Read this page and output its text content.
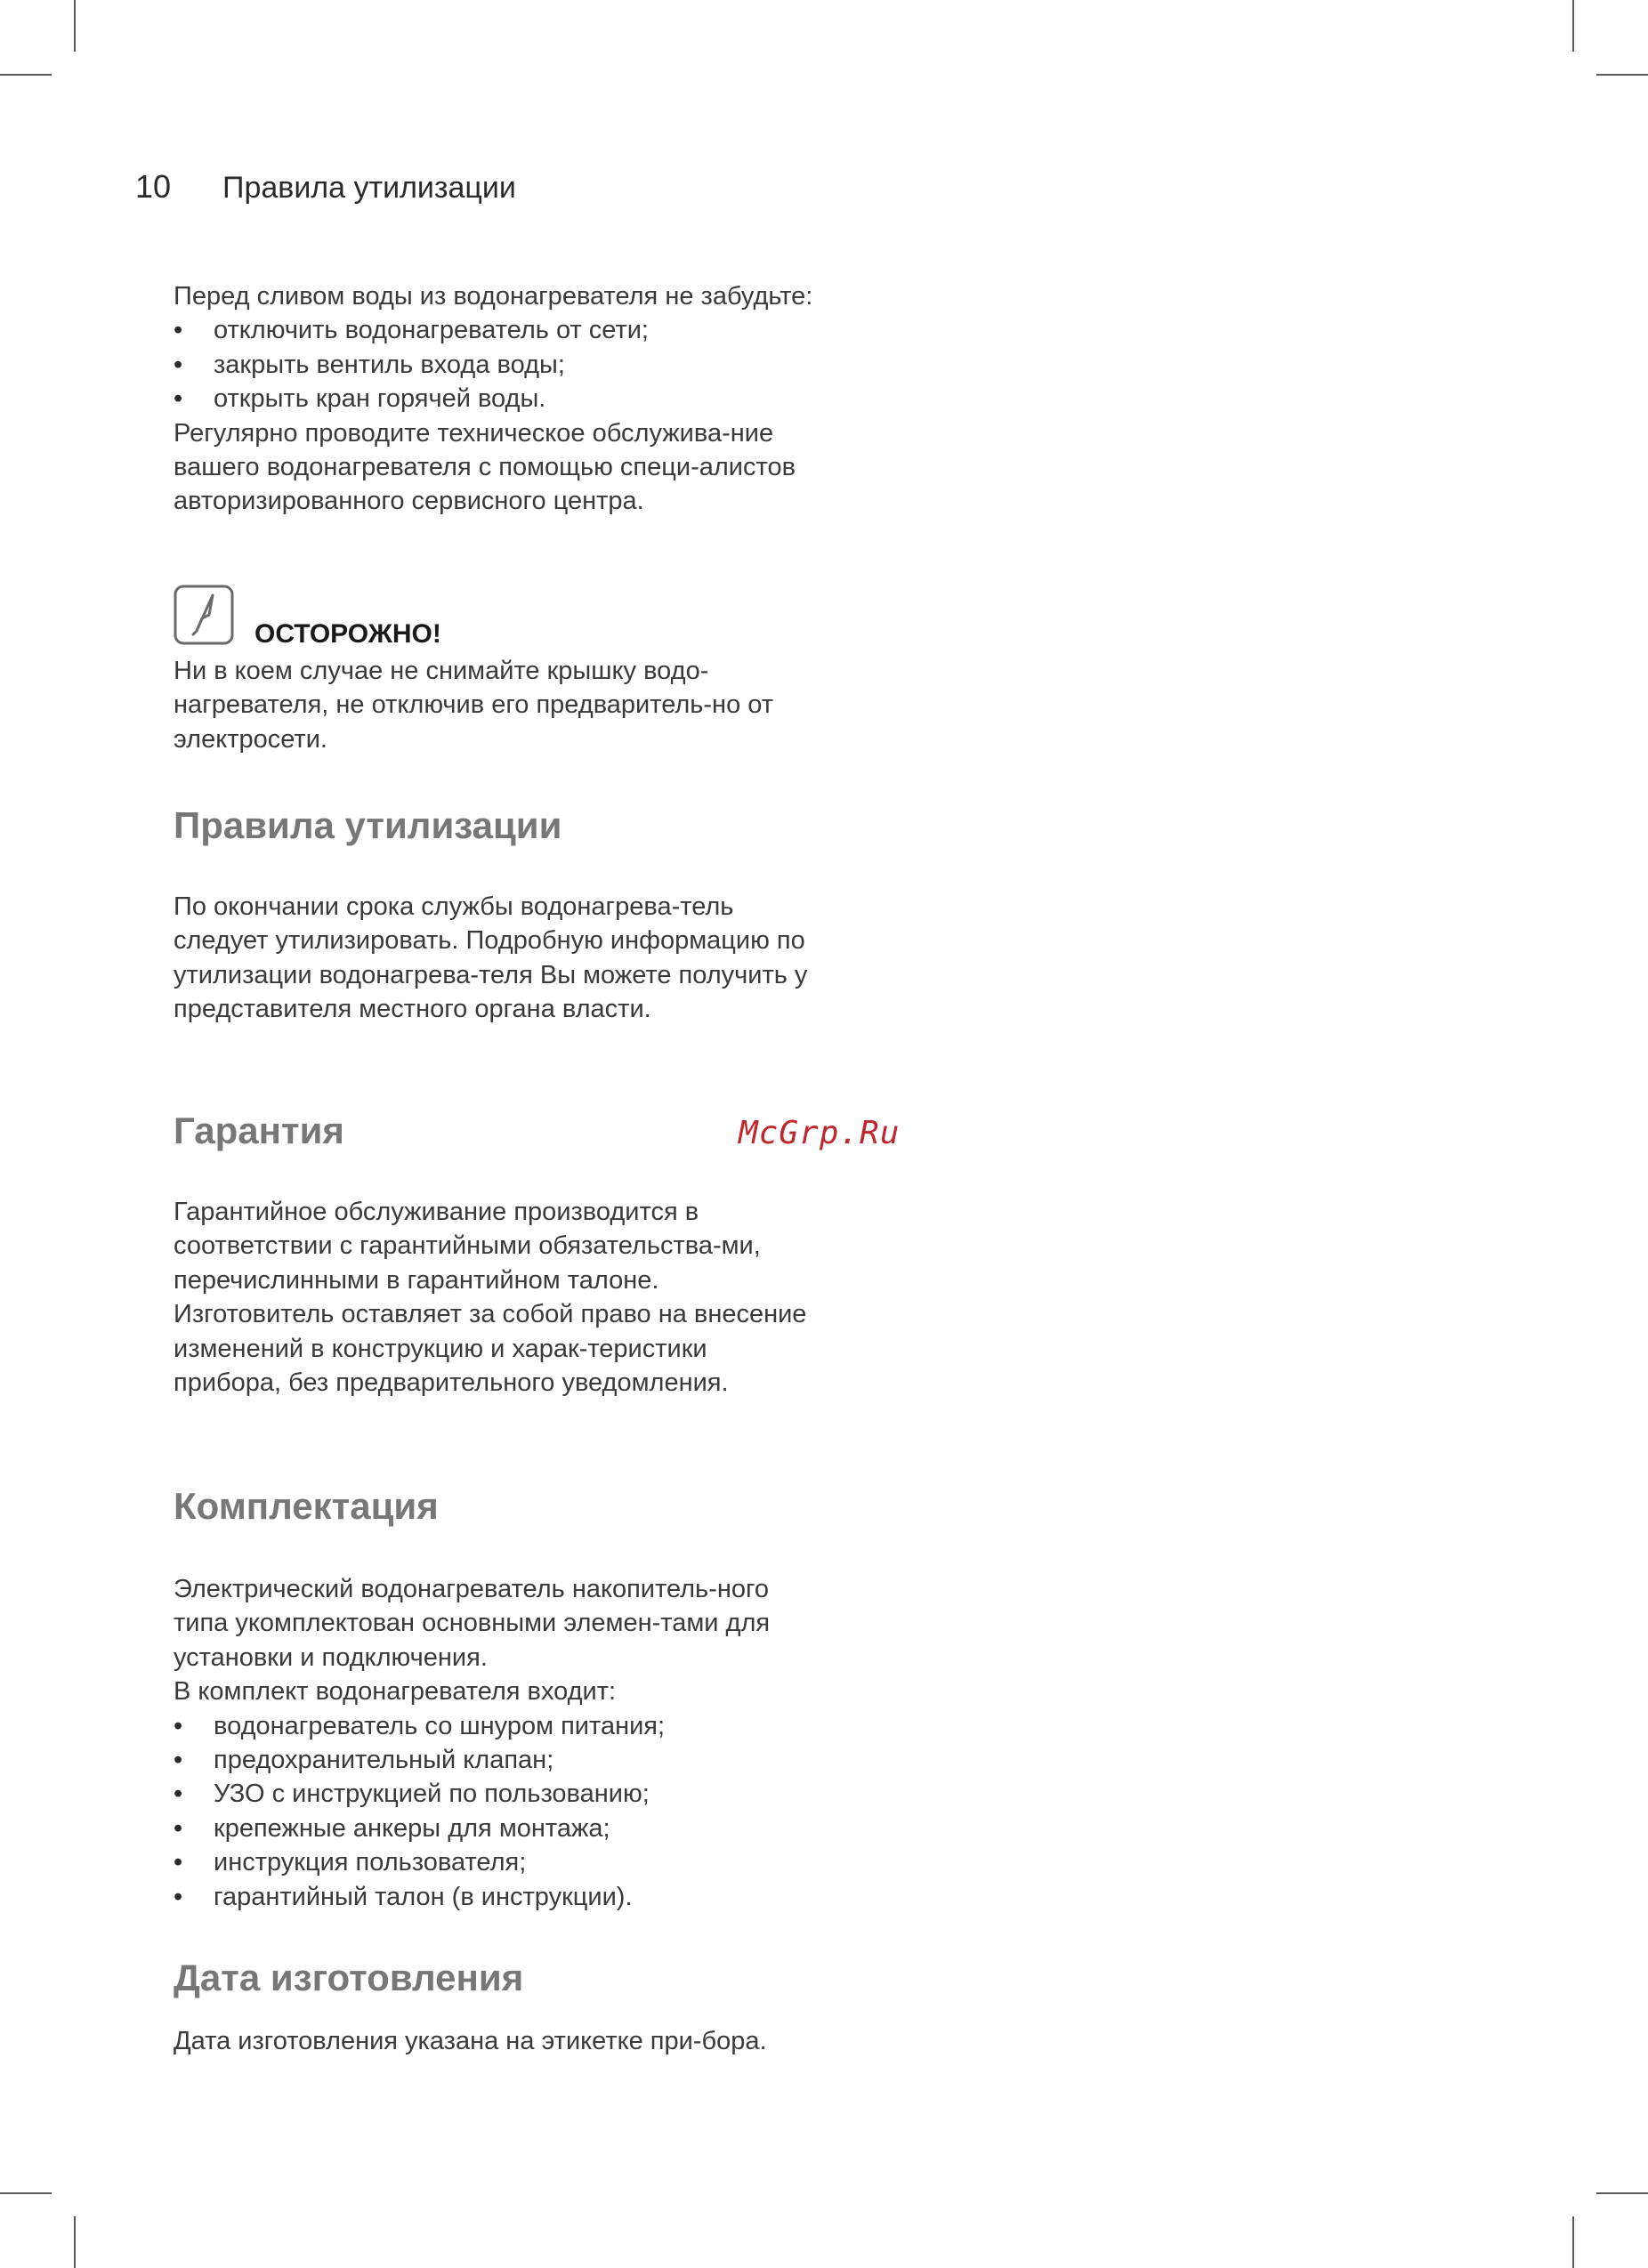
10 Правила утилизации

Перед сливом воды из водонагревателя не забудьте:

• отключить водонагреватель от сети;
• закрыть вентиль входа воды;
• открыть кран горячей воды.

Регулярно проводите техническое обслужива-ние вашего водонагревателя с помощью специ-алистов авторизированного сервисного центра.

ОСТОРОЖНО!

Ни в коем случае не снимайте крышку водо-нагревателя, не отключив его предваритель-но от электросети.

Правила утилизации

По окончании срока службы водонагрева-тель следует утилизировать. Подробную информацию по утилизации водонагрева-теля Вы можете получить у представителя местного органа власти.

Гарантия

Гарантийное обслуживание производится в соответствии с гарантийными обязательства-ми, перечислинными в гарантийном талоне. Изготовитель оставляет за собой право на внесение изменений в конструкцию и харак-теристики прибора, без предварительного уведомления.

McGrp.Ru
Комплектация

Электрический водонагреватель накопитель-ного типа укомплектован основными элемен-тами для установки и подключения.

В комплект водонагревателя входит:

• водонагреватель со шнуром питания;
• предохранительный клапан;
• УЗО с инструкцией по пользованию;
• крепежные анкеры для монтажа;
• инструкция пользователя;
• гарантийный талон (в инструкции).
Дата изготовления

Дата изготовления указана на этикетке при-бора.
